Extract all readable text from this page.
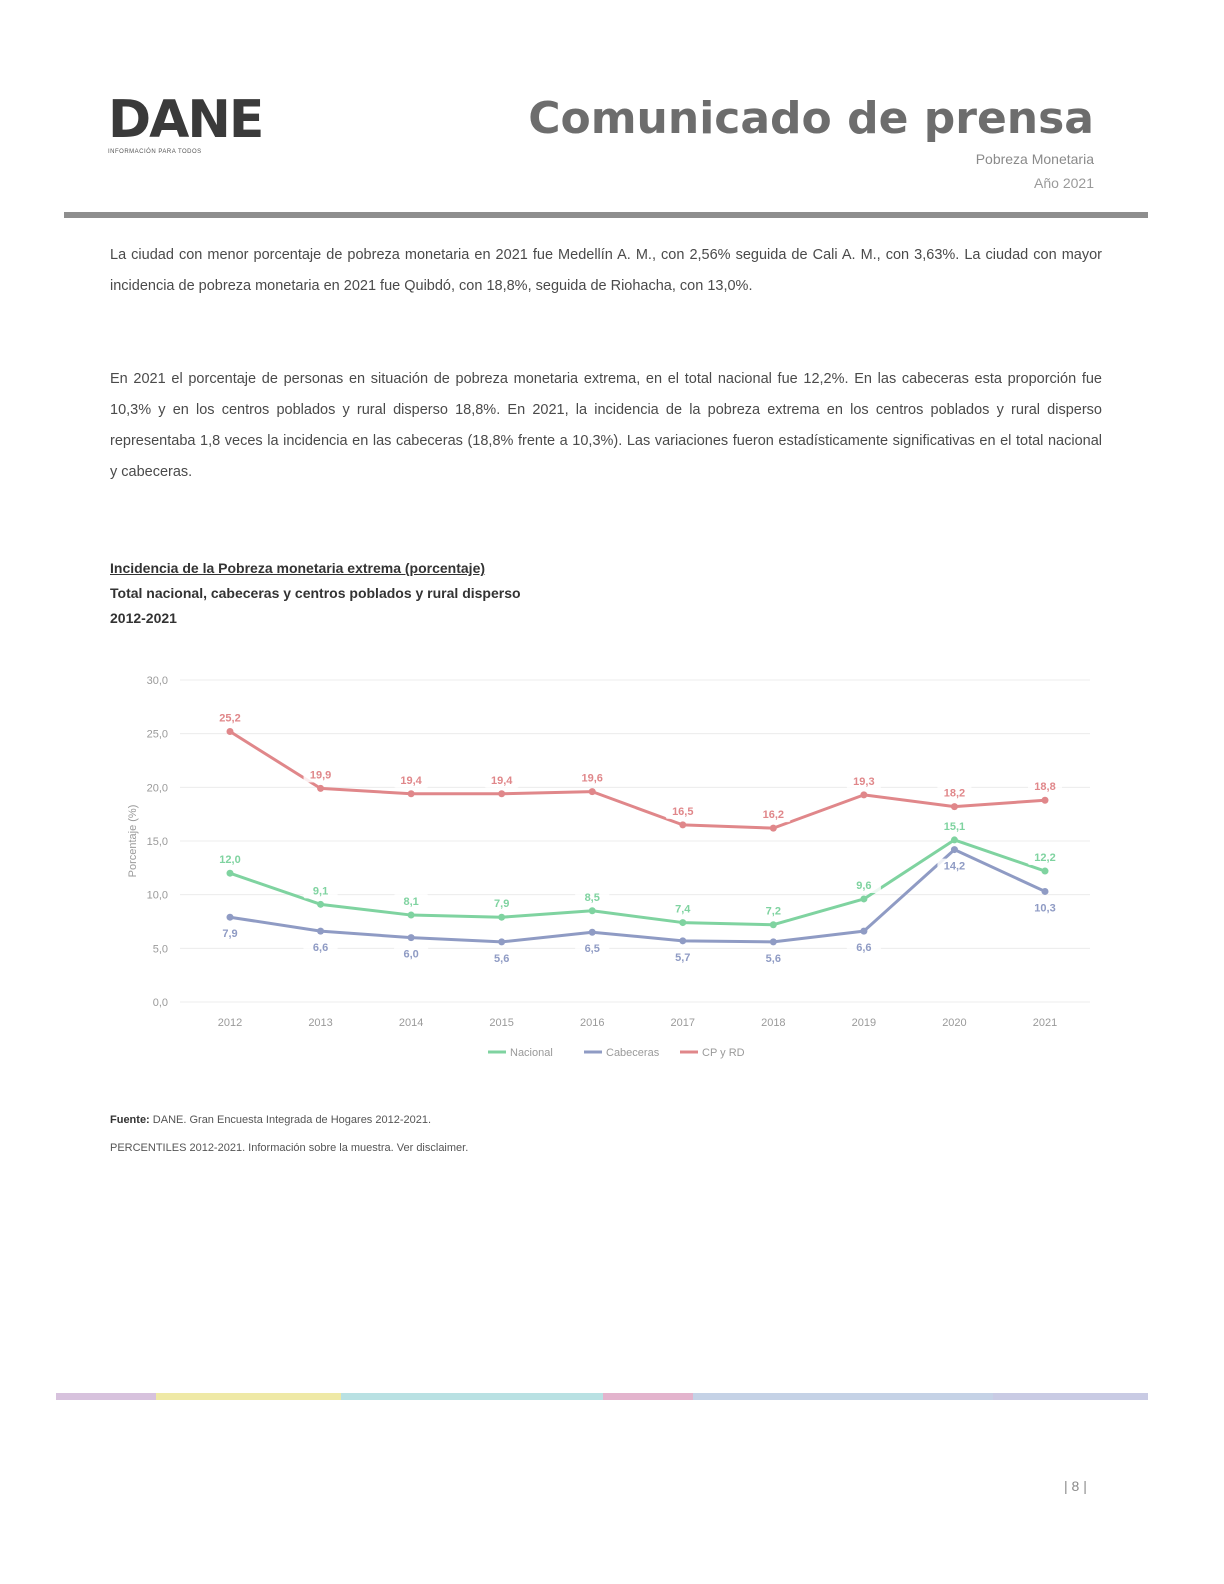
DANE
INFORMACIÓN PARA TODOS
Comunicado de prensa
Pobreza Monetaria
Año 2021

La ciudad con menor porcentaje de pobreza monetaria en 2021 fue Medellín A. M., con 2,56% seguida de Cali A. M., con 3,63%. La ciudad con mayor incidencia de pobreza monetaria en 2021 fue Quibdó, con 18,8%, seguida de Riohacha, con 13,0%.

En 2021 el porcentaje de personas en situación de pobreza monetaria extrema, en el total nacional fue 12,2%. En las cabeceras esta proporción fue 10,3% y en los centros poblados y rural disperso 18,8%. En 2021, la incidencia de la pobreza extrema en los centros poblados y rural disperso representaba 1,8 veces la incidencia en las cabeceras (18,8% frente a 10,3%). Las variaciones fueron estadísticamente significativas en el total nacional y cabeceras.

Incidencia de la Pobreza monetaria extrema (porcentaje)
Total nacional, cabeceras y centros poblados y rural disperso
2012-2021
0,0
5,0
10,0
15,0
20,0
25,0
30,0
Porcentaje (%)
2012	2013	2014	2015	2016	2017	2018	2019	2020	2021
12,0
9,1
8,1	7,9
8,5
7,4	7,2
9,6
15,1
12,2
7,9
6,6
6,0	5,6
6,5
5,7	5,6
6,6
14,2
10,3
25,2
19,9	19,4	19,4	19,6
16,5	16,2
19,3
18,2
18,8
Nacional	Cabeceras	CP y RD
Fuente: DANE. Gran Encuesta Integrada de Hogares 2012-2021.
PERCENTILES 2012-2021. Información sobre la muestra. Ver disclaimer.
| 8 |
